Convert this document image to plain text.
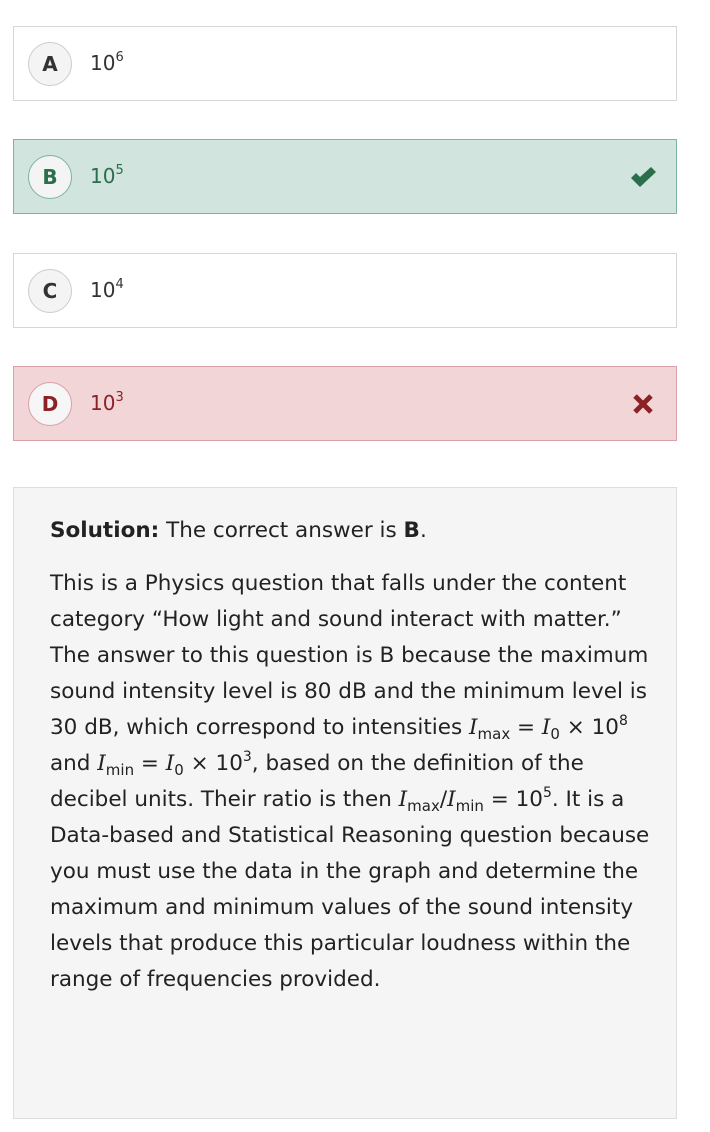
A	$10^6$
B	$10^5$
C	$10^4$
D	$10^3$
Solution: The correct answer is B.
This is a Physics question that falls under the content category “How light and sound interact with matter.” The answer to this question is B because the maximum sound intensity level is 80 dB and the minimum level is 30 dB, which correspond to intensities $I_{max} = I_0 \times 10^8$ and $I_{min} = I_0 \times 10^3$, based on the definition of the decibel units. Their ratio is then $I_{max}/I_{min} = 10^5$. It is a Data-based and Statistical Reasoning question because you must use the data in the graph and determine the maximum and minimum values of the sound intensity levels that produce this particular loudness within the range of frequencies provided.
